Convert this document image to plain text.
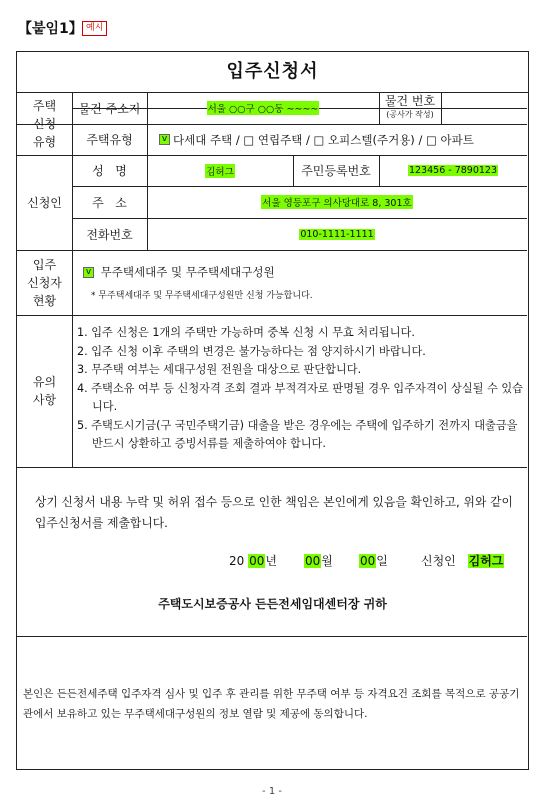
【붙임1】 예시
입주신청서
주택
신청
유형
물건 주소지	서울 ○○구 ○○동 ~~~~
물건 번호
(공사가 작성)
주택유형	v 다세대 주택 / □ 연립주택 / □ 오피스텔(주거용) / □ 아파트
신청인
성   명	김허그	주민등록번호	123456 - 7890123
주   소	서울 영등포구 의사당대로 8, 301호
전화번호	010-1111-1111
입주
신청자
현황
v 무주택세대주 및 무주택세대구성원
* 무주택세대주 및 무주택세대구성원만 신청 가능합니다.
유의
사항

1. 입주 신청은 1개의 주택만 가능하며 중복 신청 시 무효 처리됩니다.

2. 입주 신청 이후 주택의 변경은 불가능하다는 점 양지하시기 바랍니다.

3. 무주택 여부는 세대구성원 전원을 대상으로 판단합니다.

4. 주택소유 여부 등 신청자격 조회 결과 부적격자로 판명될 경우 입주자격이 상실될 수 있습니다.

5. 주택도시기금(구 국민주택기금) 대출을 받은 경우에는 주택에 입주하기 전까지 대출금을 반드시 상환하고 증빙서류를 제출하여야 합니다.

상기 신청서 내용 누락 및 허위 접수 등으로 인한 책임은 본인에게 있음을 확인하고, 위와 같이 입주신청서를 제출합니다.
20 00년 00월 00일	신청인 김허그
주택도시보증공사 든든전세임대센터장 귀하
본인은 든든전세주택 입주자격 심사 및 입주 후 관리를 위한 무주택 여부 등 자격요건 조회를 목적으로 공공기관에서 보유하고 있는 무주택세대구성원의 정보 열람 및 제공에 동의합니다.
- 1 -
